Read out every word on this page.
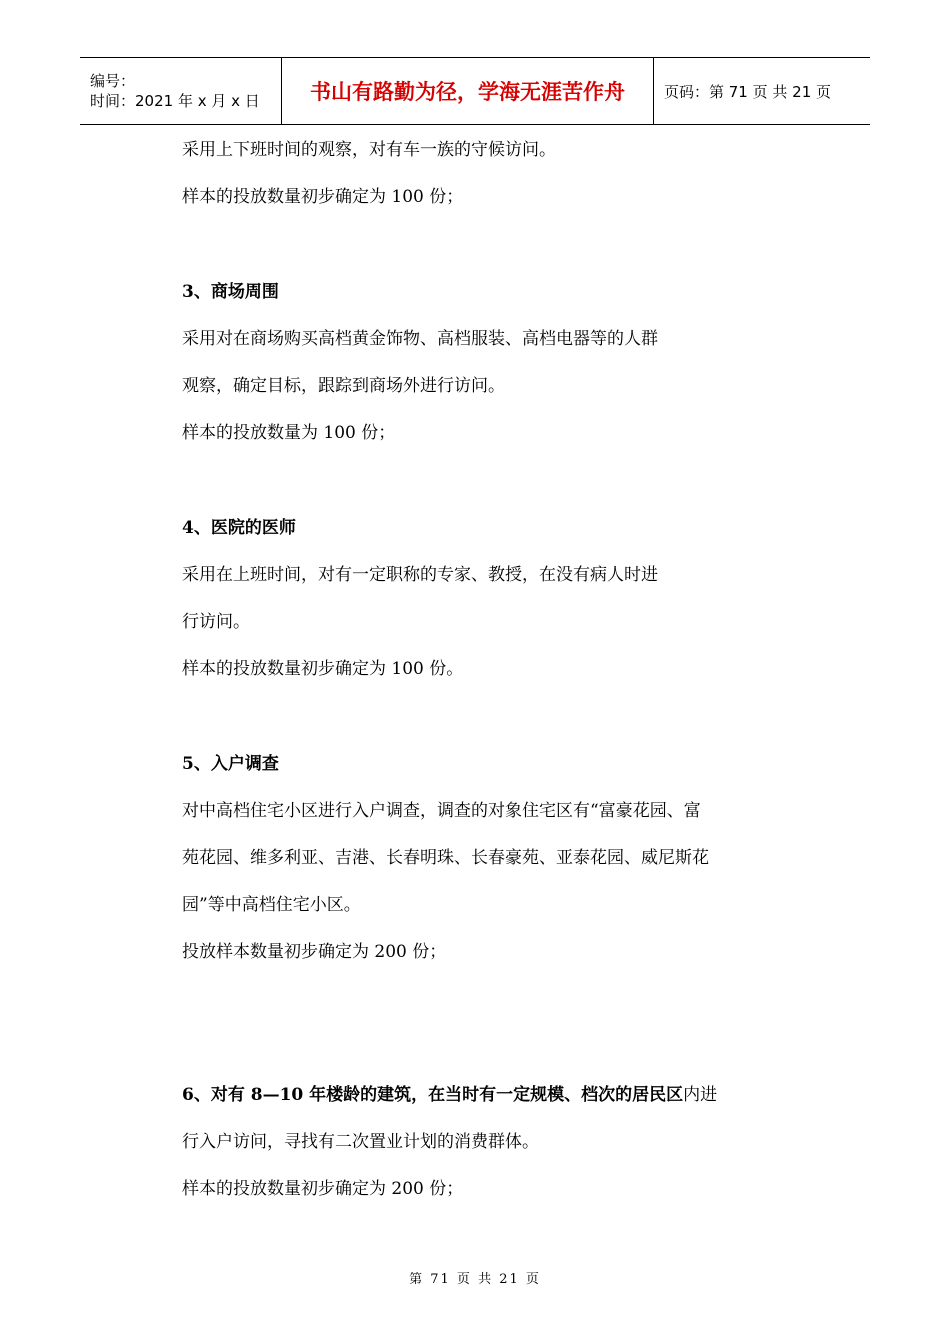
编号：
时间：2021 年 x 月 x 日	书山有路勤为径，学海无涯苦作舟	页码：第 71 页 共 21 页
采用上下班时间的观察，对有车一族的守候访问。
样本的投放数量初步确定为 100 份；
3、商场周围
采用对在商场购买高档黄金饰物、高档服装、高档电器等的人群
观察，确定目标，跟踪到商场外进行访问。
样本的投放数量为 100 份；
4、医院的医师
采用在上班时间，对有一定职称的专家、教授，在没有病人时进
行访问。
样本的投放数量初步确定为 100 份。
5、入户调查
对中高档住宅小区进行入户调查，调查的对象住宅区有“富豪花园、富
苑花园、维多利亚、吉港、长春明珠、长春豪苑、亚泰花园、威尼斯花
园”等中高档住宅小区。
投放样本数量初步确定为 200 份；
6、对有 8—10 年楼龄的建筑，在当时有一定规模、档次的居民区内进
行入户访问，寻找有二次置业计划的消费群体。
样本的投放数量初步确定为 200 份；
第 71 页 共 21 页
